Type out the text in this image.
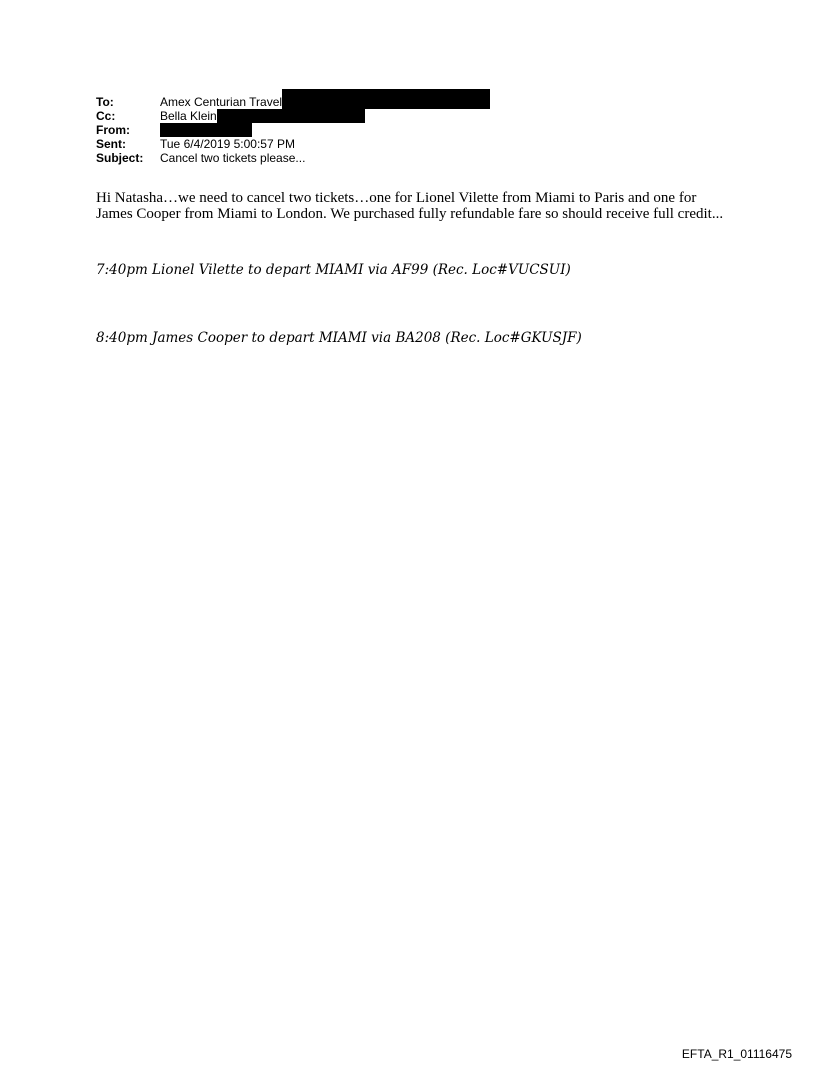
To:	Amex Centurian Travel
Cc:	Bella Klein
From:
Sent:	Tue 6/4/2019 5:00:57 PM
Subject:	Cancel two tickets please...
Hi Natasha…we need to cancel two tickets…one for Lionel Vilette from Miami to Paris and one for James Cooper from Miami to London. We purchased fully refundable fare so should receive full credit...
7:40pm Lionel Vilette to depart MIAMI via AF99 (Rec. Loc#VUCSUI)
8:40pm James Cooper to depart MIAMI via BA208 (Rec. Loc#GKUSJF)
EFTA_R1_01116475
